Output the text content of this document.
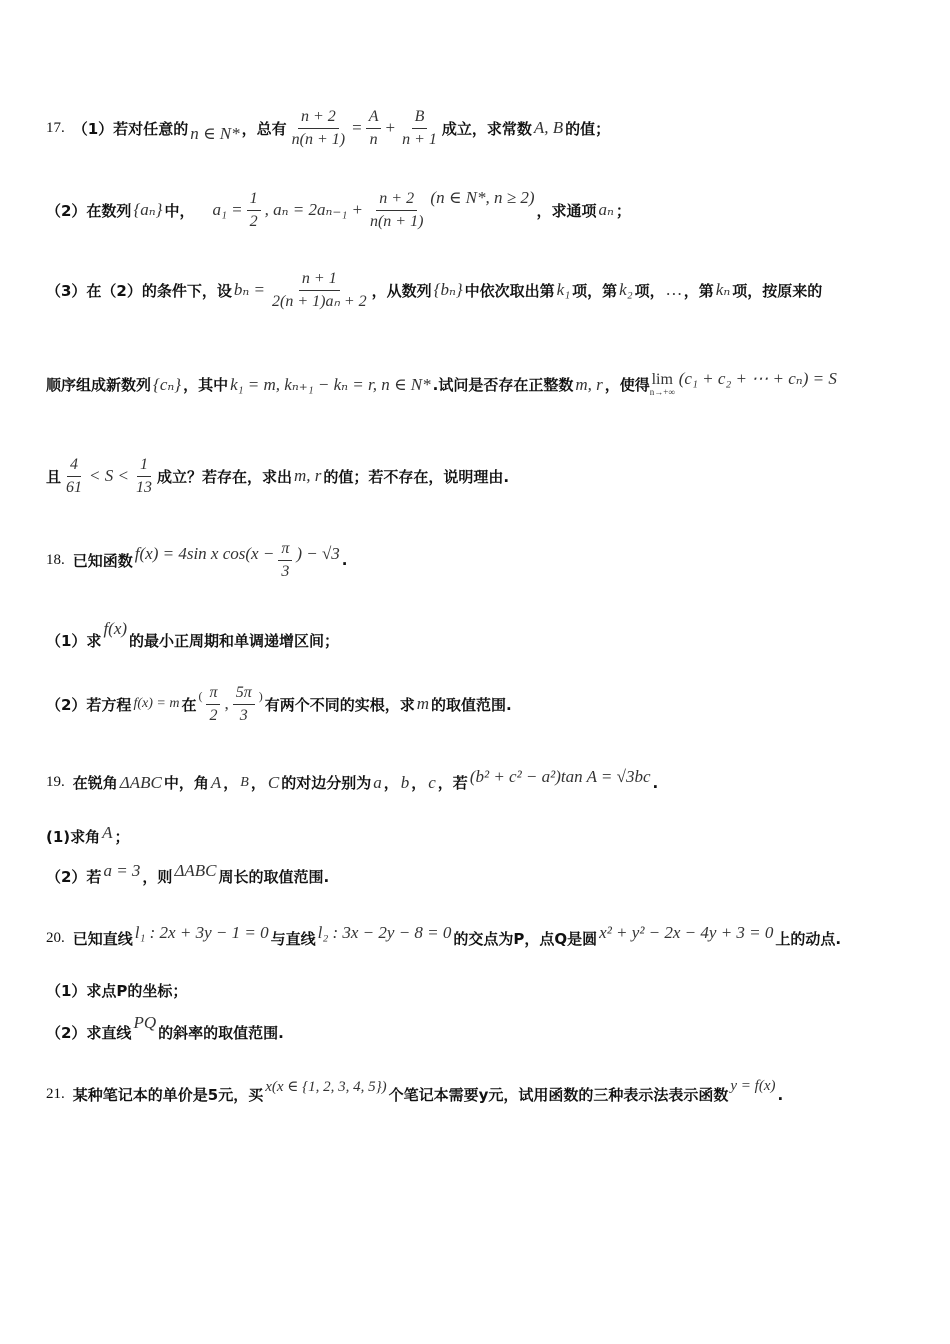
17. （1）若对任意的 n ∈ N* ，总有 $\frac{n + 2}{n(n + 1)} = \frac{A}{n} + \frac{B}{n + 1}$ 成立，求常数 A, B 的值；
（2）在数列 {aₙ} 中， $a_1 = \frac{1}{2}$ , $a_n = 2a_{n-1} + \frac{n + 2}{n(n + 1)} (n$ ∈ N*, n ≥ 2)
，求通项 aₙ ；
（3）在（2）的条件下，设 $b_n = \frac{n + 1}{\text{2(n + 1)aₙ + 2}}$ ，从数列 {bₙ} 中依次取出第 k₁ 项，第 k₂ 项， … ，第 kₙ 项，按原来的
顺序组成新数列 {cₙ} ，其中 k₁ = m, kₙ₊₁ − kₙ = r, n ∈ N* .试问是否存在正整数 m, r ，使得 lim
n→+∞
(c₁ + c₂ + ⋯ + cₙ) = S
且 $\frac{4}{61} < S < \frac{1}{13}$ 成立？若存在，求出 m, r 的值；若不存在，说明理由.
18. 已知函数 f(x) = 4sin x $\cos(x - \frac{\pi}{3}$ ) − √3 .
（1）求
f(x)
的最小正周期和单调递增区间；
（2）若方程 f(x) = m 在 ( $\frac{\pi}{2}$ , $\frac{5\pi}{3}$ ) 有两个不同的实根，求 m 的取值范围.
19. 在锐角 ΔABC 中，角 A ， B ， C 的对边分别为 a ， b ， c ，若 (b² + c² − a²)tan A = √3bc .
(1)求角 A ；
（2）若 a = 3 ，则 ΔABC 周长的取值范围.
20. 已知直线 l₁ : 2x + 3y − 1 = 0 与直线 l₂ : 3x − 2y − 8 = 0 的交点为P，点Q是圆 x² + y² − 2x − 4y + 3 = 0 上的动点.
（1）求点P的坐标；
（2）求直线
PQ
的斜率的取值范围.
21. 某种笔记本的单价是5元，买 x(x ∈ {1, 2, 3, 4, 5}) 个笔记本需要y元，试用函数的三种表示法表示函数 y = f(x) .
